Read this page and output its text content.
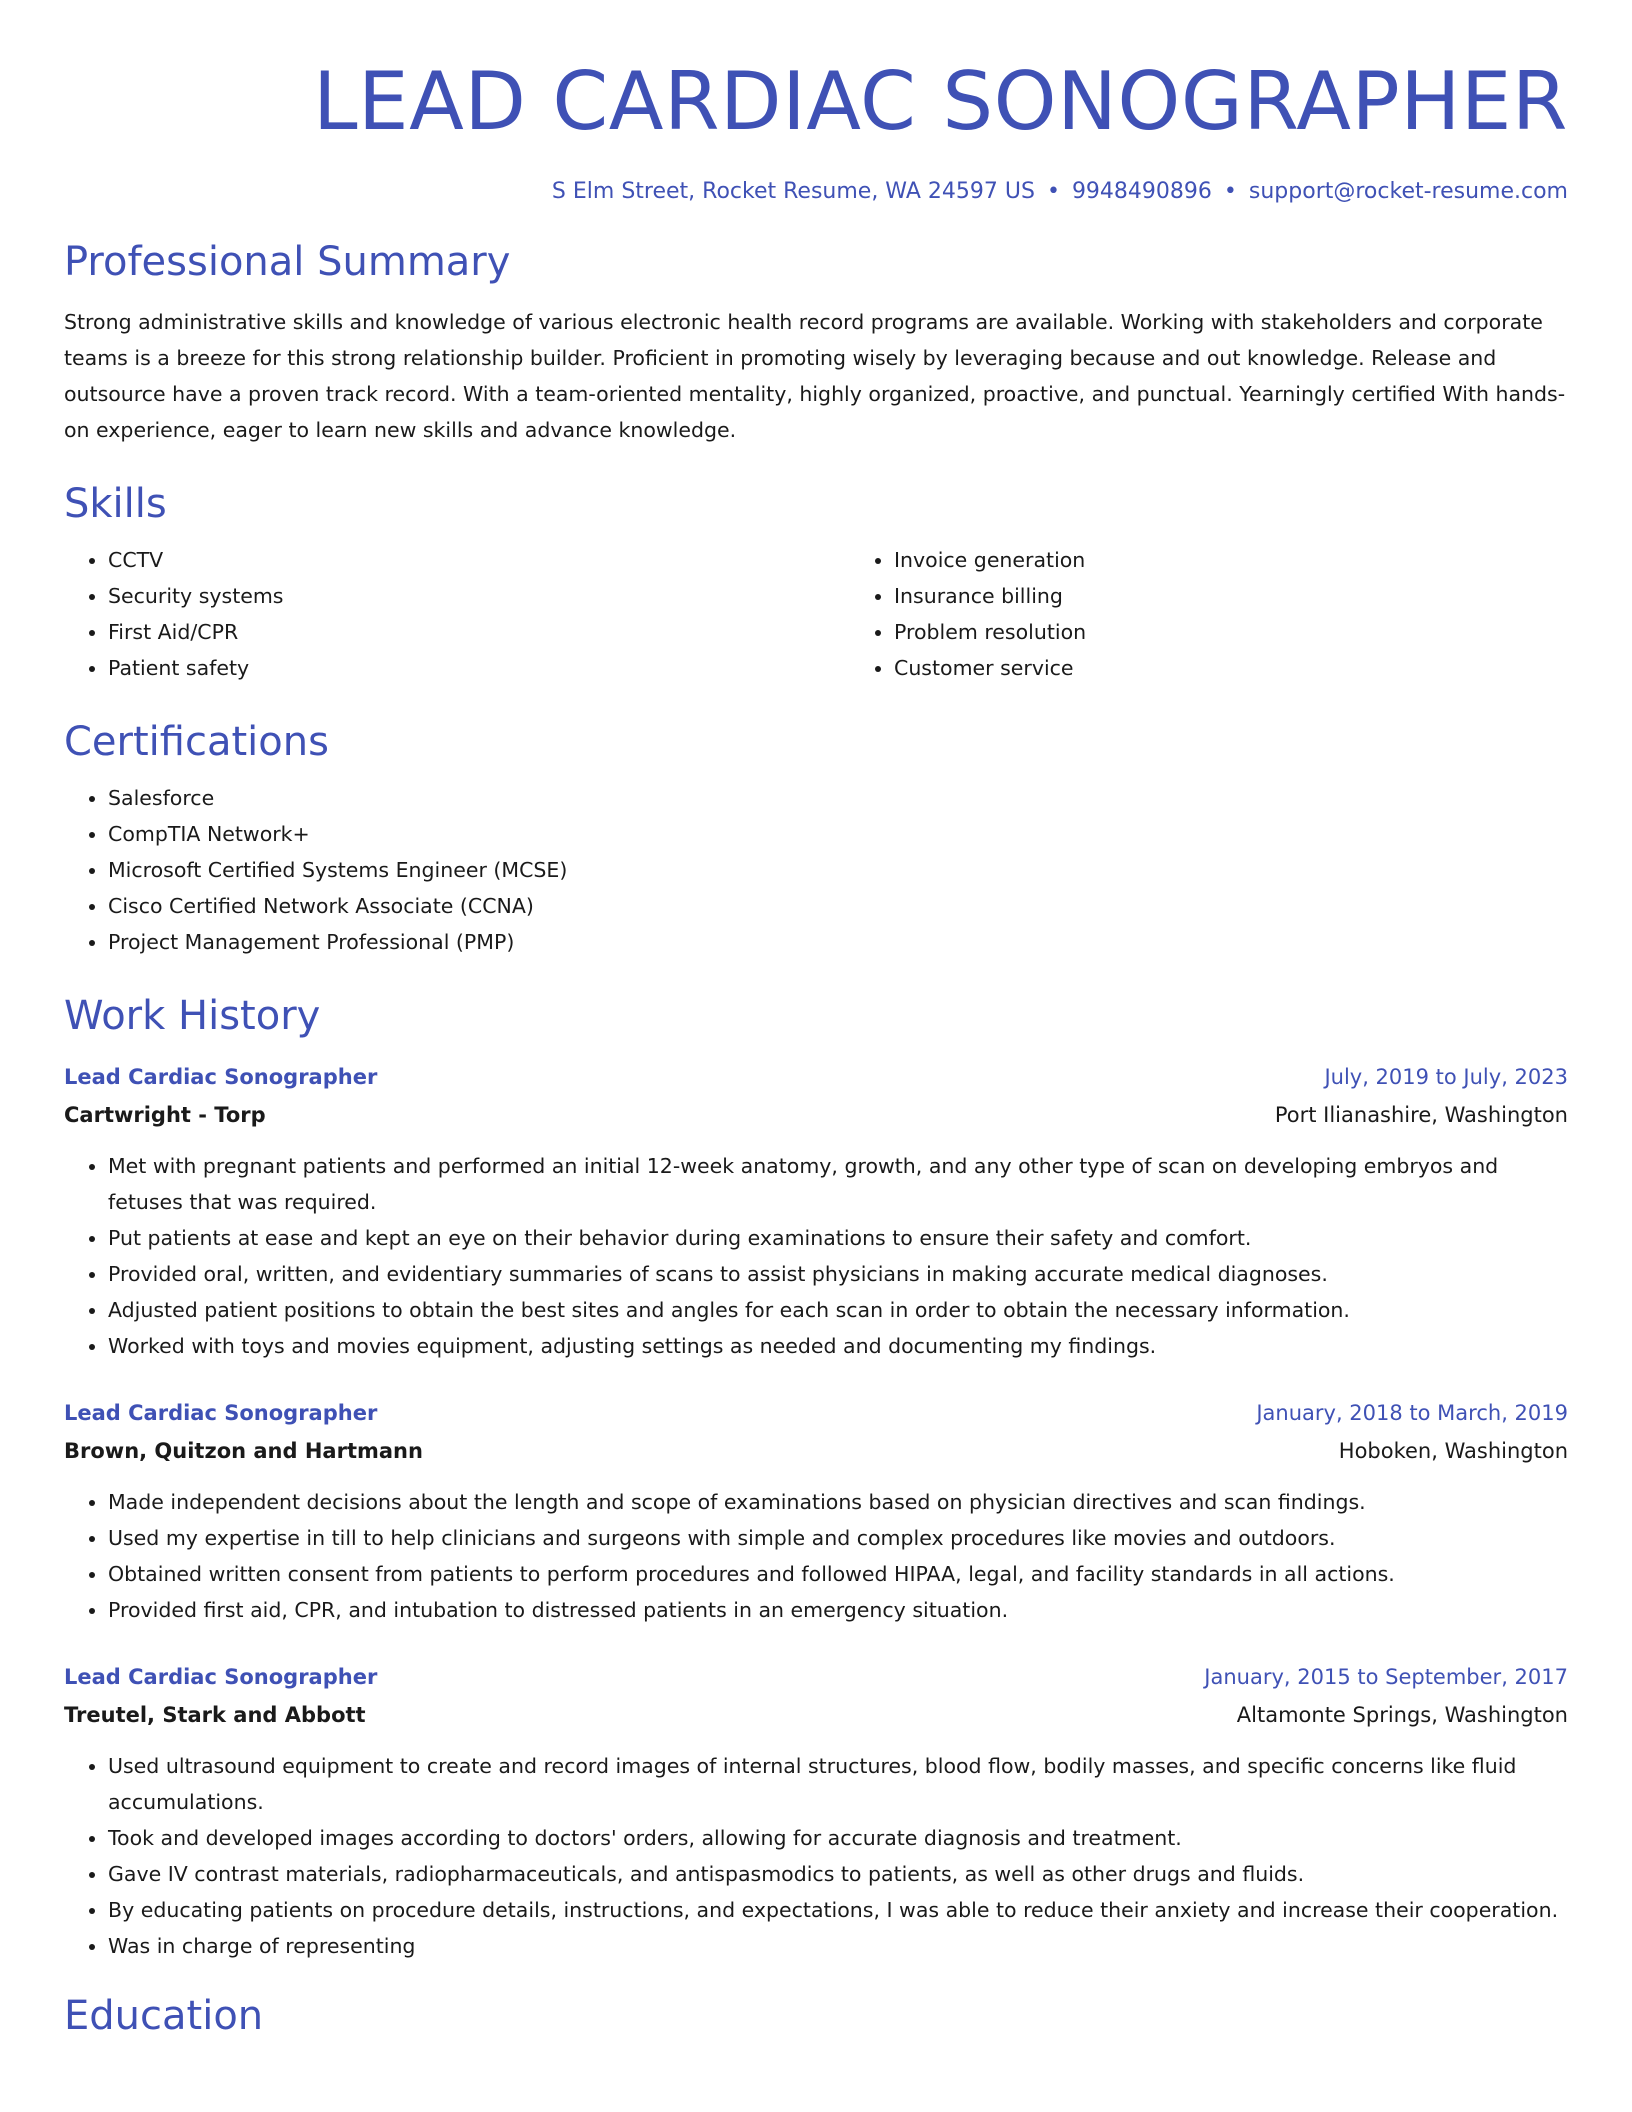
LEAD CARDIAC SONOGRAPHER
S Elm Street, Rocket Resume, WA 24597 US • 9948490896 • support@rocket-resume.com
Professional Summary

Strong administrative skills and knowledge of various electronic health record programs are available. Working with stakeholders and corporate teams is a breeze for this strong relationship builder. Proficient in promoting wisely by leveraging because and out knowledge. Release and outsource have a proven track record. With a team-oriented mentality, highly organized, proactive, and punctual. Yearningly certified With hands-on experience, eager to learn new skills and advance knowledge.

Skills
• CCTV
• Security systems
• First Aid/CPR
• Patient safety
• Invoice generation
• Insurance billing
• Problem resolution
• Customer service
Certifications
• Salesforce
• CompTIA Network+
• Microsoft Certified Systems Engineer (MCSE)
• Cisco Certified Network Associate (CCNA)
• Project Management Professional (PMP)
Work History
Lead Cardiac Sonographer	July, 2019 to July, 2023
Cartwright - Torp	Port Ilianashire, Washington
• Met with pregnant patients and performed an initial 12-week anatomy, growth, and any other type of scan on developing embryos and fetuses that was required.
• Put patients at ease and kept an eye on their behavior during examinations to ensure their safety and comfort.
• Provided oral, written, and evidentiary summaries of scans to assist physicians in making accurate medical diagnoses.
• Adjusted patient positions to obtain the best sites and angles for each scan in order to obtain the necessary information.
• Worked with toys and movies equipment, adjusting settings as needed and documenting my findings.
Lead Cardiac Sonographer	January, 2018 to March, 2019
Brown, Quitzon and Hartmann	Hoboken, Washington
• Made independent decisions about the length and scope of examinations based on physician directives and scan findings.
• Used my expertise in till to help clinicians and surgeons with simple and complex procedures like movies and outdoors.
• Obtained written consent from patients to perform procedures and followed HIPAA, legal, and facility standards in all actions.
• Provided first aid, CPR, and intubation to distressed patients in an emergency situation.
Lead Cardiac Sonographer	January, 2015 to September, 2017
Treutel, Stark and Abbott	Altamonte Springs, Washington
• Used ultrasound equipment to create and record images of internal structures, blood flow, bodily masses, and specific concerns like fluid accumulations.
• Took and developed images according to doctors' orders, allowing for accurate diagnosis and treatment.
• Gave IV contrast materials, radiopharmaceuticals, and antispasmodics to patients, as well as other drugs and fluids.
• By educating patients on procedure details, instructions, and expectations, I was able to reduce their anxiety and increase their cooperation.
• Was in charge of representing
Education
